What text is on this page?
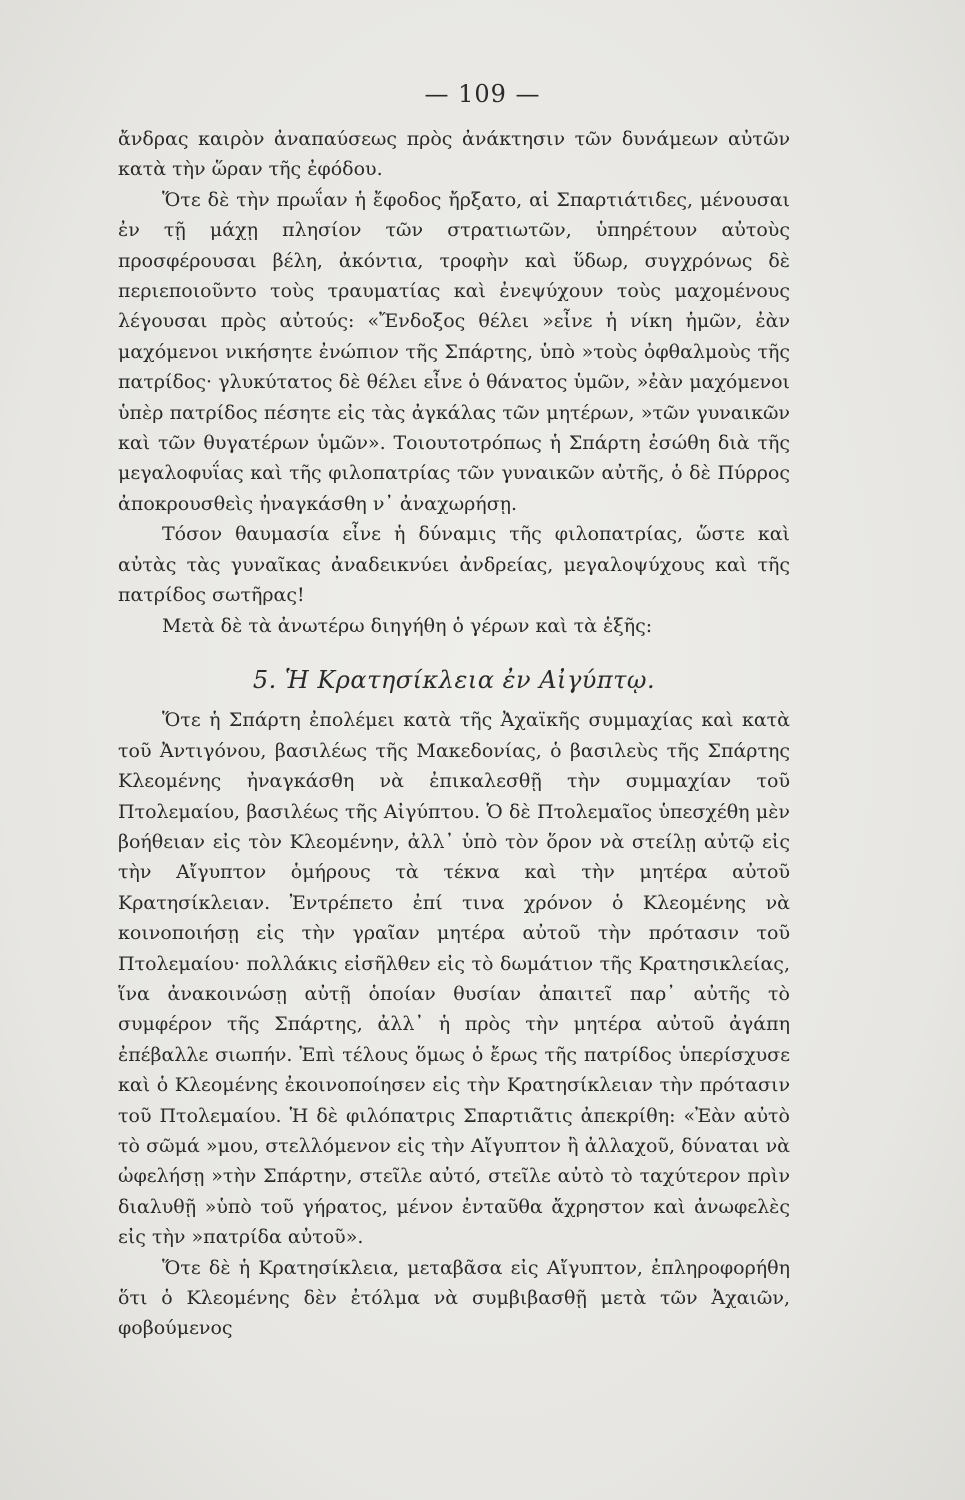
— 109 —

ἄνδρας καιρὸν ἀναπαύσεως πρὸς ἀνάκτησιν τῶν δυνάμεων αὐτῶν κατὰ τὴν ὥραν τῆς ἐφόδου.

Ὅτε δὲ τὴν πρωΐαν ἡ ἔφοδος ἤρξατο, αἱ Σπαρτιάτιδες, μένουσαι ἐν τῇ μάχῃ πλησίον τῶν στρατιωτῶν, ὑπηρέτουν αὐτοὺς προσφέρουσαι βέλη, ἀκόντια, τροφὴν καὶ ὕδωρ, συγχρόνως δὲ περιεποιοῦντο τοὺς τραυματίας καὶ ἐνεψύχουν τοὺς μαχομένους λέγουσαι πρὸς αὐτούς: «Ἔνδοξος θέλει »εἶνε ἡ νίκη ἡμῶν, ἐὰν μαχόμενοι νικήσητε ἐνώπιον τῆς Σπάρτης, ὑπὸ »τοὺς ὀφθαλμοὺς τῆς πατρίδος· γλυκύτατος δὲ θέλει εἶνε ὁ θάνατος ὑμῶν, »ἐὰν μαχόμενοι ὑπὲρ πατρίδος πέσητε εἰς τὰς ἀγκάλας τῶν μητέρων, »τῶν γυναικῶν καὶ τῶν θυγατέρων ὑμῶν». Τοιουτοτρόπως ἡ Σπάρτη ἐσώθη διὰ τῆς μεγαλοφυΐας καὶ τῆς φιλοπατρίας τῶν γυναικῶν αὐτῆς, ὁ δὲ Πύρρος ἀποκρουσθεὶς ἠναγκάσθη ν᾽ ἀναχωρήσῃ.

Τόσον θαυμασία εἶνε ἡ δύναμις τῆς φιλοπατρίας, ὥστε καὶ αὐτὰς τὰς γυναῖκας ἀναδεικνύει ἀνδρείας, μεγαλοψύχους καὶ τῆς πατρίδος σωτῆρας!

Μετὰ δὲ τὰ ἀνωτέρω διηγήθη ὁ γέρων καὶ τὰ ἑξῆς:

5. Ἡ Κρατησίκλεια ἐν Αἰγύπτῳ.

Ὅτε ἡ Σπάρτη ἐπολέμει κατὰ τῆς Ἀχαϊκῆς συμμαχίας καὶ κατὰ τοῦ Ἀντιγόνου, βασιλέως τῆς Μακεδονίας, ὁ βασιλεὺς τῆς Σπάρτης Κλεομένης ἠναγκάσθη νὰ ἐπικαλεσθῇ τὴν συμμαχίαν τοῦ Πτολεμαίου, βασιλέως τῆς Αἰγύπτου. Ὁ δὲ Πτολεμαῖος ὑπεσχέθη μὲν βοήθειαν εἰς τὸν Κλεομένην, ἀλλ᾽ ὑπὸ τὸν ὅρον νὰ στείλῃ αὐτῷ εἰς τὴν Αἴγυπτον ὁμήρους τὰ τέκνα καὶ τὴν μητέρα αὐτοῦ Κρατησίκλειαν. Ἐντρέπετο ἐπί τινα χρόνον ὁ Κλεομένης νὰ κοινοποιήσῃ εἰς τὴν γραῖαν μητέρα αὐτοῦ τὴν πρότασιν τοῦ Πτολεμαίου· πολλάκις εἰσῆλθεν εἰς τὸ δωμάτιον τῆς Κρατησικλείας, ἵνα ἀνακοινώσῃ αὐτῇ ὁποίαν θυσίαν ἀπαιτεῖ παρ᾽ αὐτῆς τὸ συμφέρον τῆς Σπάρτης, ἀλλ᾽ ἡ πρὸς τὴν μητέρα αὐτοῦ ἀγάπη ἐπέβαλλε σιωπήν. Ἐπὶ τέλους ὅμως ὁ ἔρως τῆς πατρίδος ὑπερίσχυσε καὶ ὁ Κλεομένης ἐκοινοποίησεν εἰς τὴν Κρατησίκλειαν τὴν πρότασιν τοῦ Πτολεμαίου. Ἡ δὲ φιλόπατρις Σπαρτιᾶτις ἀπεκρίθη: «Ἐὰν αὐτὸ τὸ σῶμά »μου, στελλόμενον εἰς τὴν Αἴγυπτον ἢ ἀλλαχοῦ, δύναται νὰ ὠφελήσῃ »τὴν Σπάρτην, στεῖλε αὐτό, στεῖλε αὐτὸ τὸ ταχύτερον πρὶν διαλυθῇ »ὑπὸ τοῦ γήρατος, μένον ἐνταῦθα ἄχρηστον καὶ ἀνωφελὲς εἰς τὴν »πατρίδα αὐτοῦ».

Ὅτε δὲ ἡ Κρατησίκλεια, μεταβᾶσα εἰς Αἴγυπτον, ἐπληροφορήθη ὅτι ὁ Κλεομένης δὲν ἐτόλμα νὰ συμβιβασθῇ μετὰ τῶν Ἀχαιῶν, φοβούμενος
